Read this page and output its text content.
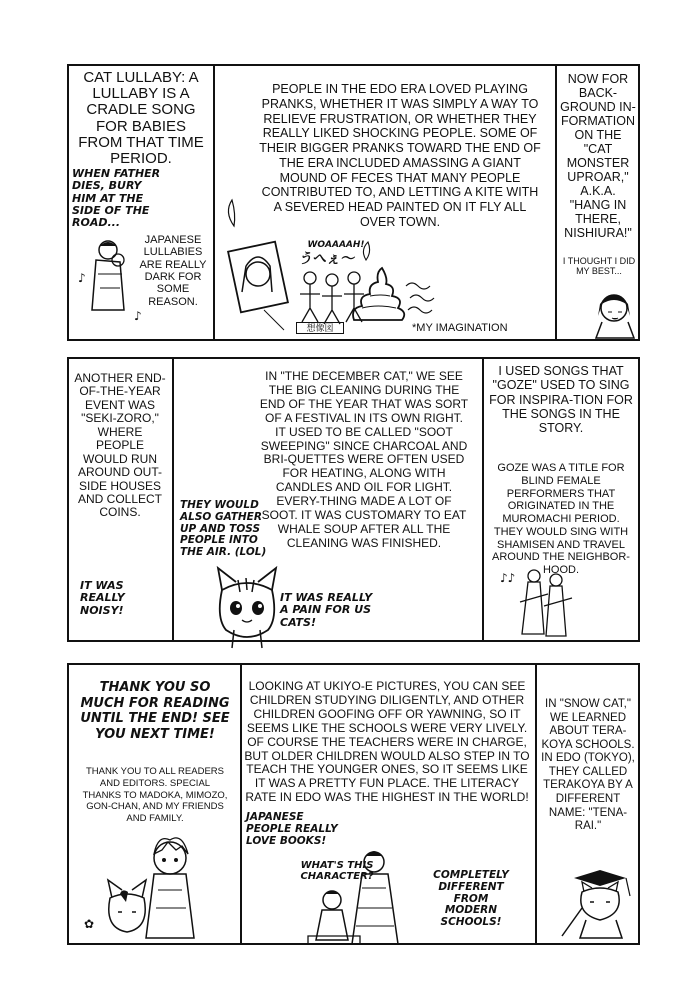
CAT LULLABY: A LULLABY IS A CRADLE SONG FOR BABIES FROM THAT TIME PERIOD.
WHEN FATHER DIES, BURY HIM AT THE SIDE OF THE ROAD...
JAPANESE LULLABIES ARE REALLY DARK FOR SOME REASON.
♪
♪
PEOPLE IN THE EDO ERA LOVED PLAYING PRANKS, WHETHER IT WAS SIMPLY A WAY TO RELIEVE FRUSTRATION, OR WHETHER THEY REALLY LIKED SHOCKING PEOPLE. SOME OF THEIR BIGGER PRANKS TOWARD THE END OF THE ERA INCLUDED AMASSING A GIANT MOUND OF FECES THAT MANY PEOPLE CONTRIBUTED TO, AND LETTING A KITE WITH A SEVERED HEAD PAINTED ON IT FLY ALL OVER TOWN.
WOAAAAH!
うへぇ〜
想像図	*MY IMAGINATION
NOW FOR BACK-GROUND IN-FORMATION ON THE "CAT MONSTER UPROAR," A.K.A. "HANG IN THERE, NISHIURA!"
I THOUGHT I DID MY BEST...
ANOTHER END-OF-THE-YEAR EVENT WAS "SEKI-ZORO," WHERE PEOPLE WOULD RUN AROUND OUT-SIDE HOUSES AND COLLECT COINS.
IT WAS REALLY NOISY!
IN "THE DECEMBER CAT," WE SEE THE BIG CLEANING DURING THE END OF THE YEAR THAT WAS SORT OF A FESTIVAL IN ITS OWN RIGHT. IT USED TO BE CALLED "SOOT SWEEPING" SINCE CHARCOAL AND BRI-QUETTES WERE OFTEN USED FOR HEATING, ALONG WITH CANDLES AND OIL FOR LIGHT. EVERY-THING MADE A LOT OF SOOT. IT WAS CUSTOMARY TO EAT WHALE SOUP AFTER ALL THE CLEANING WAS FINISHED.
THEY WOULD ALSO GATHER UP AND TOSS PEOPLE INTO THE AIR. (LOL)
IT WAS REALLY A PAIN FOR US CATS!
I USED SONGS THAT "GOZE" USED TO SING FOR INSPIRA-TION FOR THE SONGS IN THE STORY.
GOZE WAS A TITLE FOR BLIND FEMALE PERFORMERS THAT ORIGINATED IN THE MUROMACHI PERIOD. THEY WOULD SING WITH SHAMISEN AND TRAVEL AROUND THE NEIGHBOR-HOOD.
♪♪
THANK YOU SO MUCH FOR READING UNTIL THE END! SEE YOU NEXT TIME!
THANK YOU TO ALL READERS AND EDITORS. SPECIAL THANKS TO MADOKA, MIMOZO, GON-CHAN, AND MY FRIENDS AND FAMILY.
✿
LOOKING AT UKIYO-E PICTURES, YOU CAN SEE CHILDREN STUDYING DILIGENTLY, AND OTHER CHILDREN GOOFING OFF OR YAWNING, SO IT SEEMS LIKE THE SCHOOLS WERE VERY LIVELY. OF COURSE THE TEACHERS WERE IN CHARGE, BUT OLDER CHILDREN WOULD ALSO STEP IN TO TEACH THE YOUNGER ONES, SO IT SEEMS LIKE IT WAS A PRETTY FUN PLACE. THE LITERACY RATE IN EDO WAS THE HIGHEST IN THE WORLD!
JAPANESE PEOPLE REALLY LOVE BOOKS!
WHAT'S THIS CHARACTER?	COMPLETELY DIFFERENT FROM MODERN SCHOOLS!
IN "SNOW CAT," WE LEARNED ABOUT TERA-KOYA SCHOOLS. IN EDO (TOKYO), THEY CALLED TERAKOYA BY A DIFFERENT NAME: "TENA-RAI."
